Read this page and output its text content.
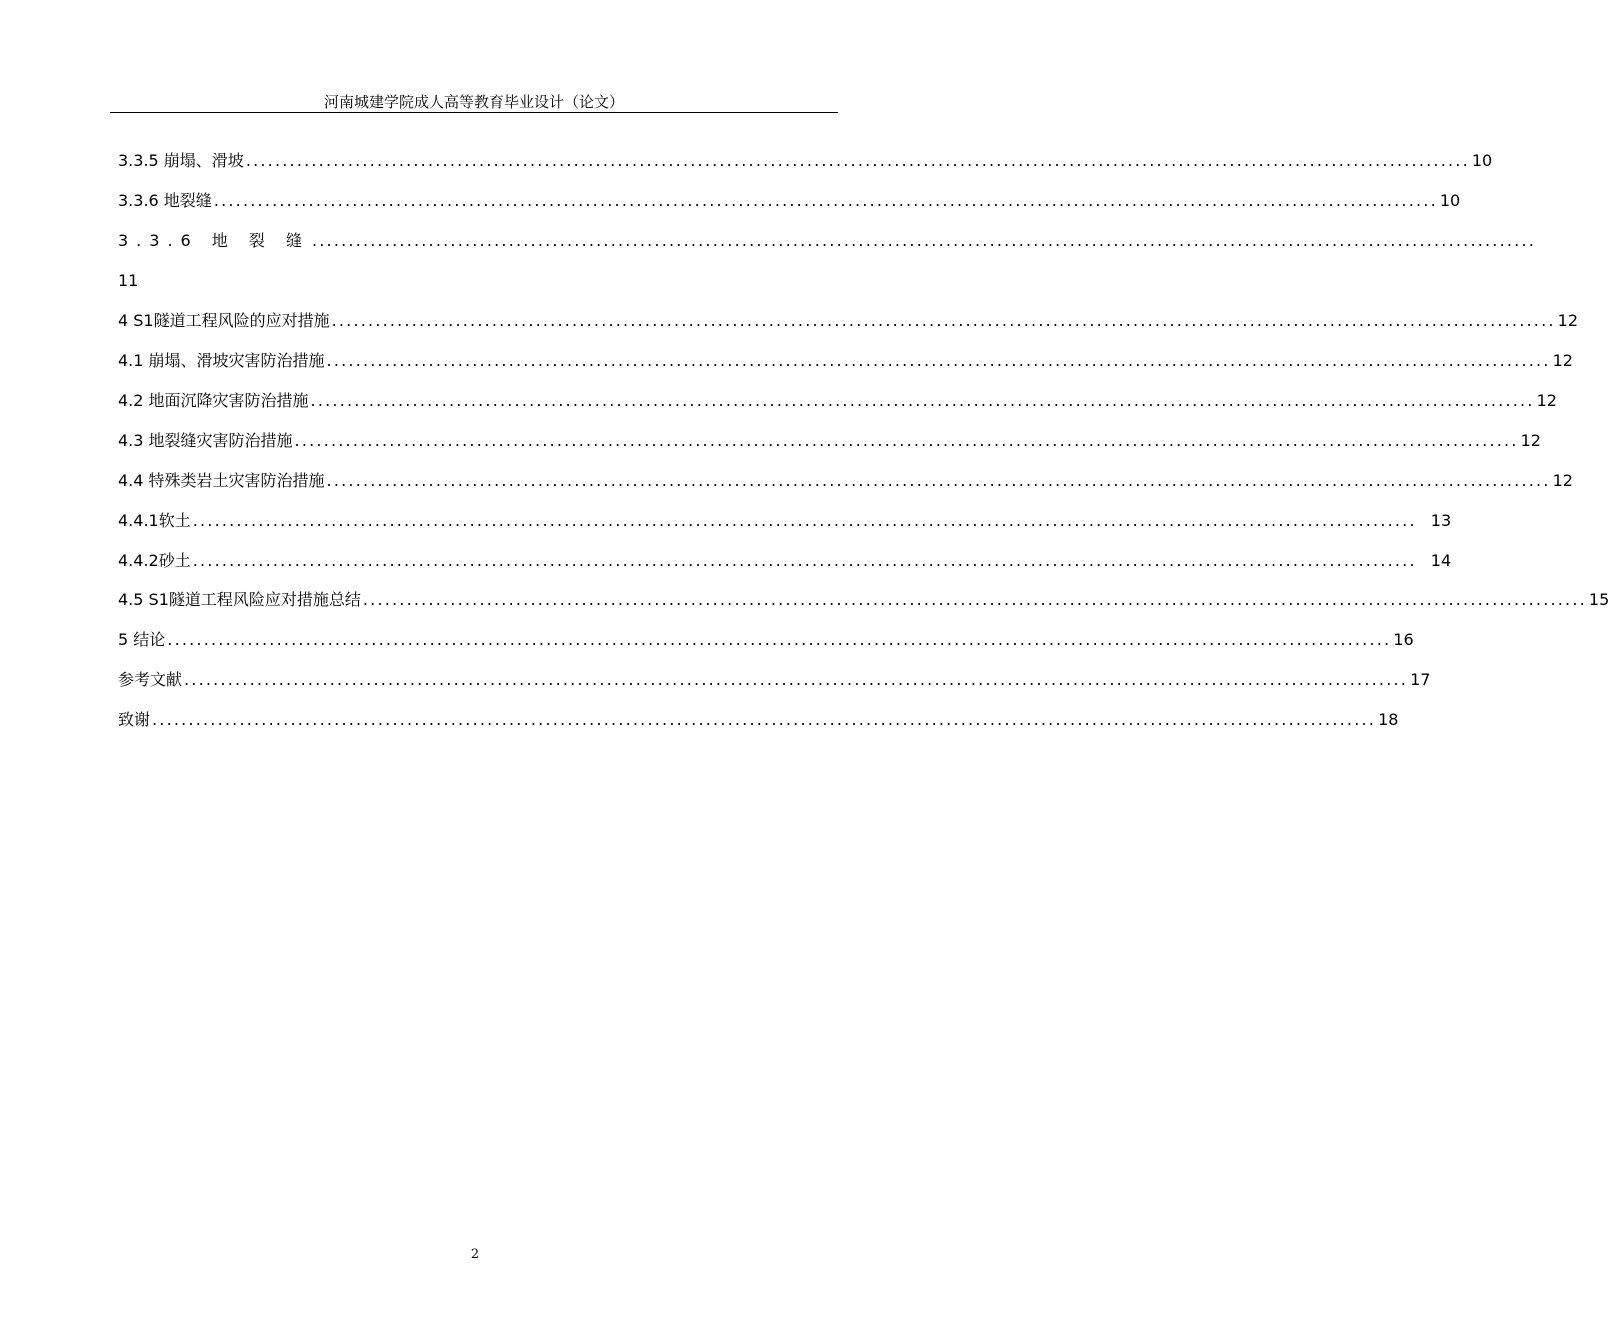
河南城建学院成人高等教育毕业设计（论文）
3.3.5 崩塌、滑坡 ........................................................................................................................................................................ 10
3.3.6 地裂缝 ........................................................................................................................................................................ 10
3.3.6 地 裂 缝 ........................................................................................................................................................................
11
4 S1隧道工程风险的应对措施 ........................................................................................................................................................................ 12
4.1 崩塌、滑坡灾害防治措施 ........................................................................................................................................................................ 12
4.2 地面沉降灾害防治措施 ........................................................................................................................................................................ 12
4.3 地裂缝灾害防治措施 ........................................................................................................................................................................ 12
4.4 特殊类岩土灾害防治措施 ........................................................................................................................................................................ 12
4.4.1软土 ........................................................................................................................................................................ 13
4.4.2砂土 ........................................................................................................................................................................ 14
4.5 S1隧道工程风险应对措施总结 ........................................................................................................................................................................ 15
5 结论 ........................................................................................................................................................................ 16
参考文献 ........................................................................................................................................................................ 17
致谢 ........................................................................................................................................................................ 18
2
